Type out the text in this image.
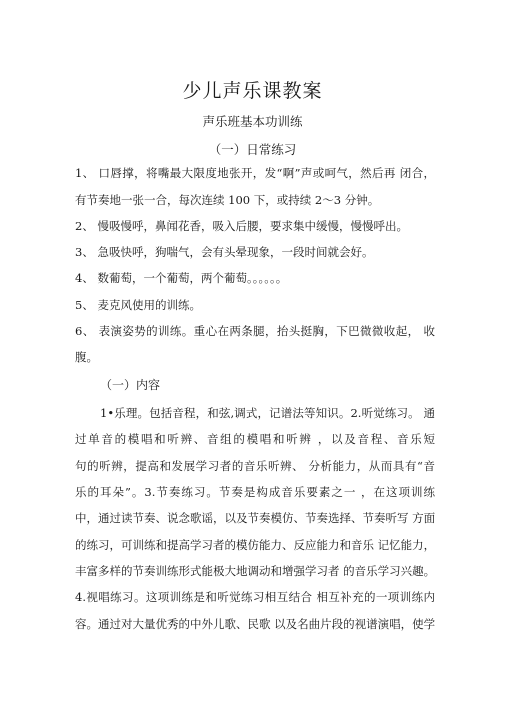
少儿声乐课教案
声乐班基本功训练
（一）日常练习
1、 口唇撑，将嘴最大限度地张开，发“啊”声或呵气，然后再 闭合，
有节奏地一张一合，每次连续 100 下，或持续 2〜3 分钟。
2、 慢吸慢呼，鼻闻花香，吸入后腰，要求集中缓慢，慢慢呼出。
3、 急吸快呼，狗喘气，会有头晕现象，一段时间就会好。
4、 数葡萄，一个葡萄，两个葡萄。。。。。。
5、 麦克风使用的训练。
6、 表演姿势的训练。重心在两条腿，抬头挺胸，下巴微微收起， 收
腹。
（一）内容
1•乐理。包括音程，和弦,调式，记谱法等知识。2.听觉练习。 通
过单音的模唱和听辨、音组的模唱和听辨 ，以及音程、音乐短
句的听辨，提高和发展学习者的音乐听辨、 分析能力，从而具有“音
乐的耳朵”。3.节奏练习。节奏是构成音乐要素之一 ，在这项训练
中，通过读节奏、说念歌谣，以及节奏模仿、节奏选择、节奏听写 方面
的练习，可训练和提高学习者的模仿能力、反应能力和音乐 记忆能力，
丰富多样的节奏训练形式能极大地调动和增强学习者 的音乐学习兴趣。
4.视唱练习。这项训练是和听觉练习相互结合 相互补充的一项训练内
容。通过对大量优秀的中外儿歌、民歌 以及名曲片段的视谱演唱，使学
